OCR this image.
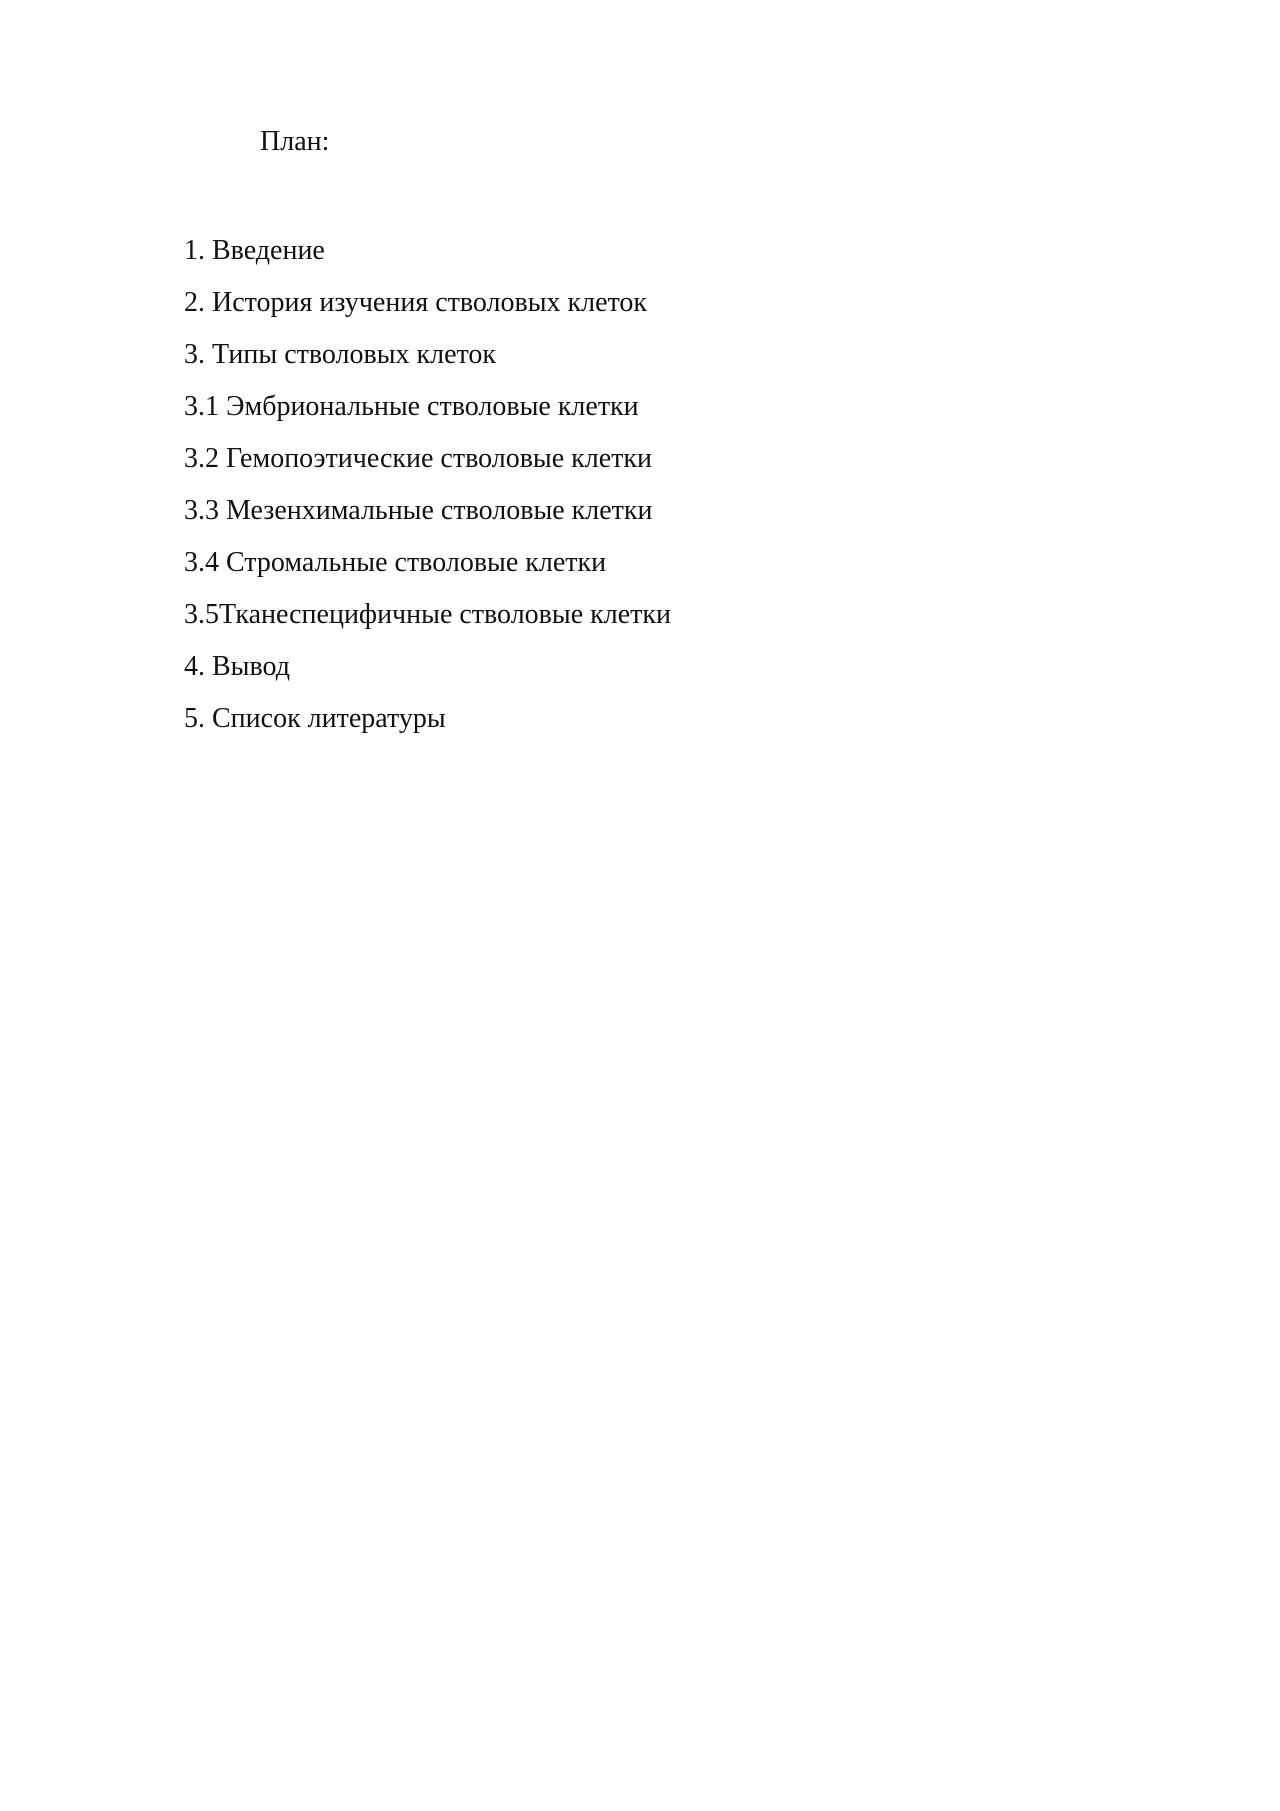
План:
1. Введение
2. История изучения стволовых клеток
3. Типы стволовых клеток
3.1 Эмбриональные стволовые клетки
3.2 Гемопоэтические стволовые клетки
3.3 Мезенхимальные стволовые клетки
3.4 Стромальные стволовые клетки
3.5Тканеспецифичные стволовые клетки
4. Вывод
5. Список литературы
